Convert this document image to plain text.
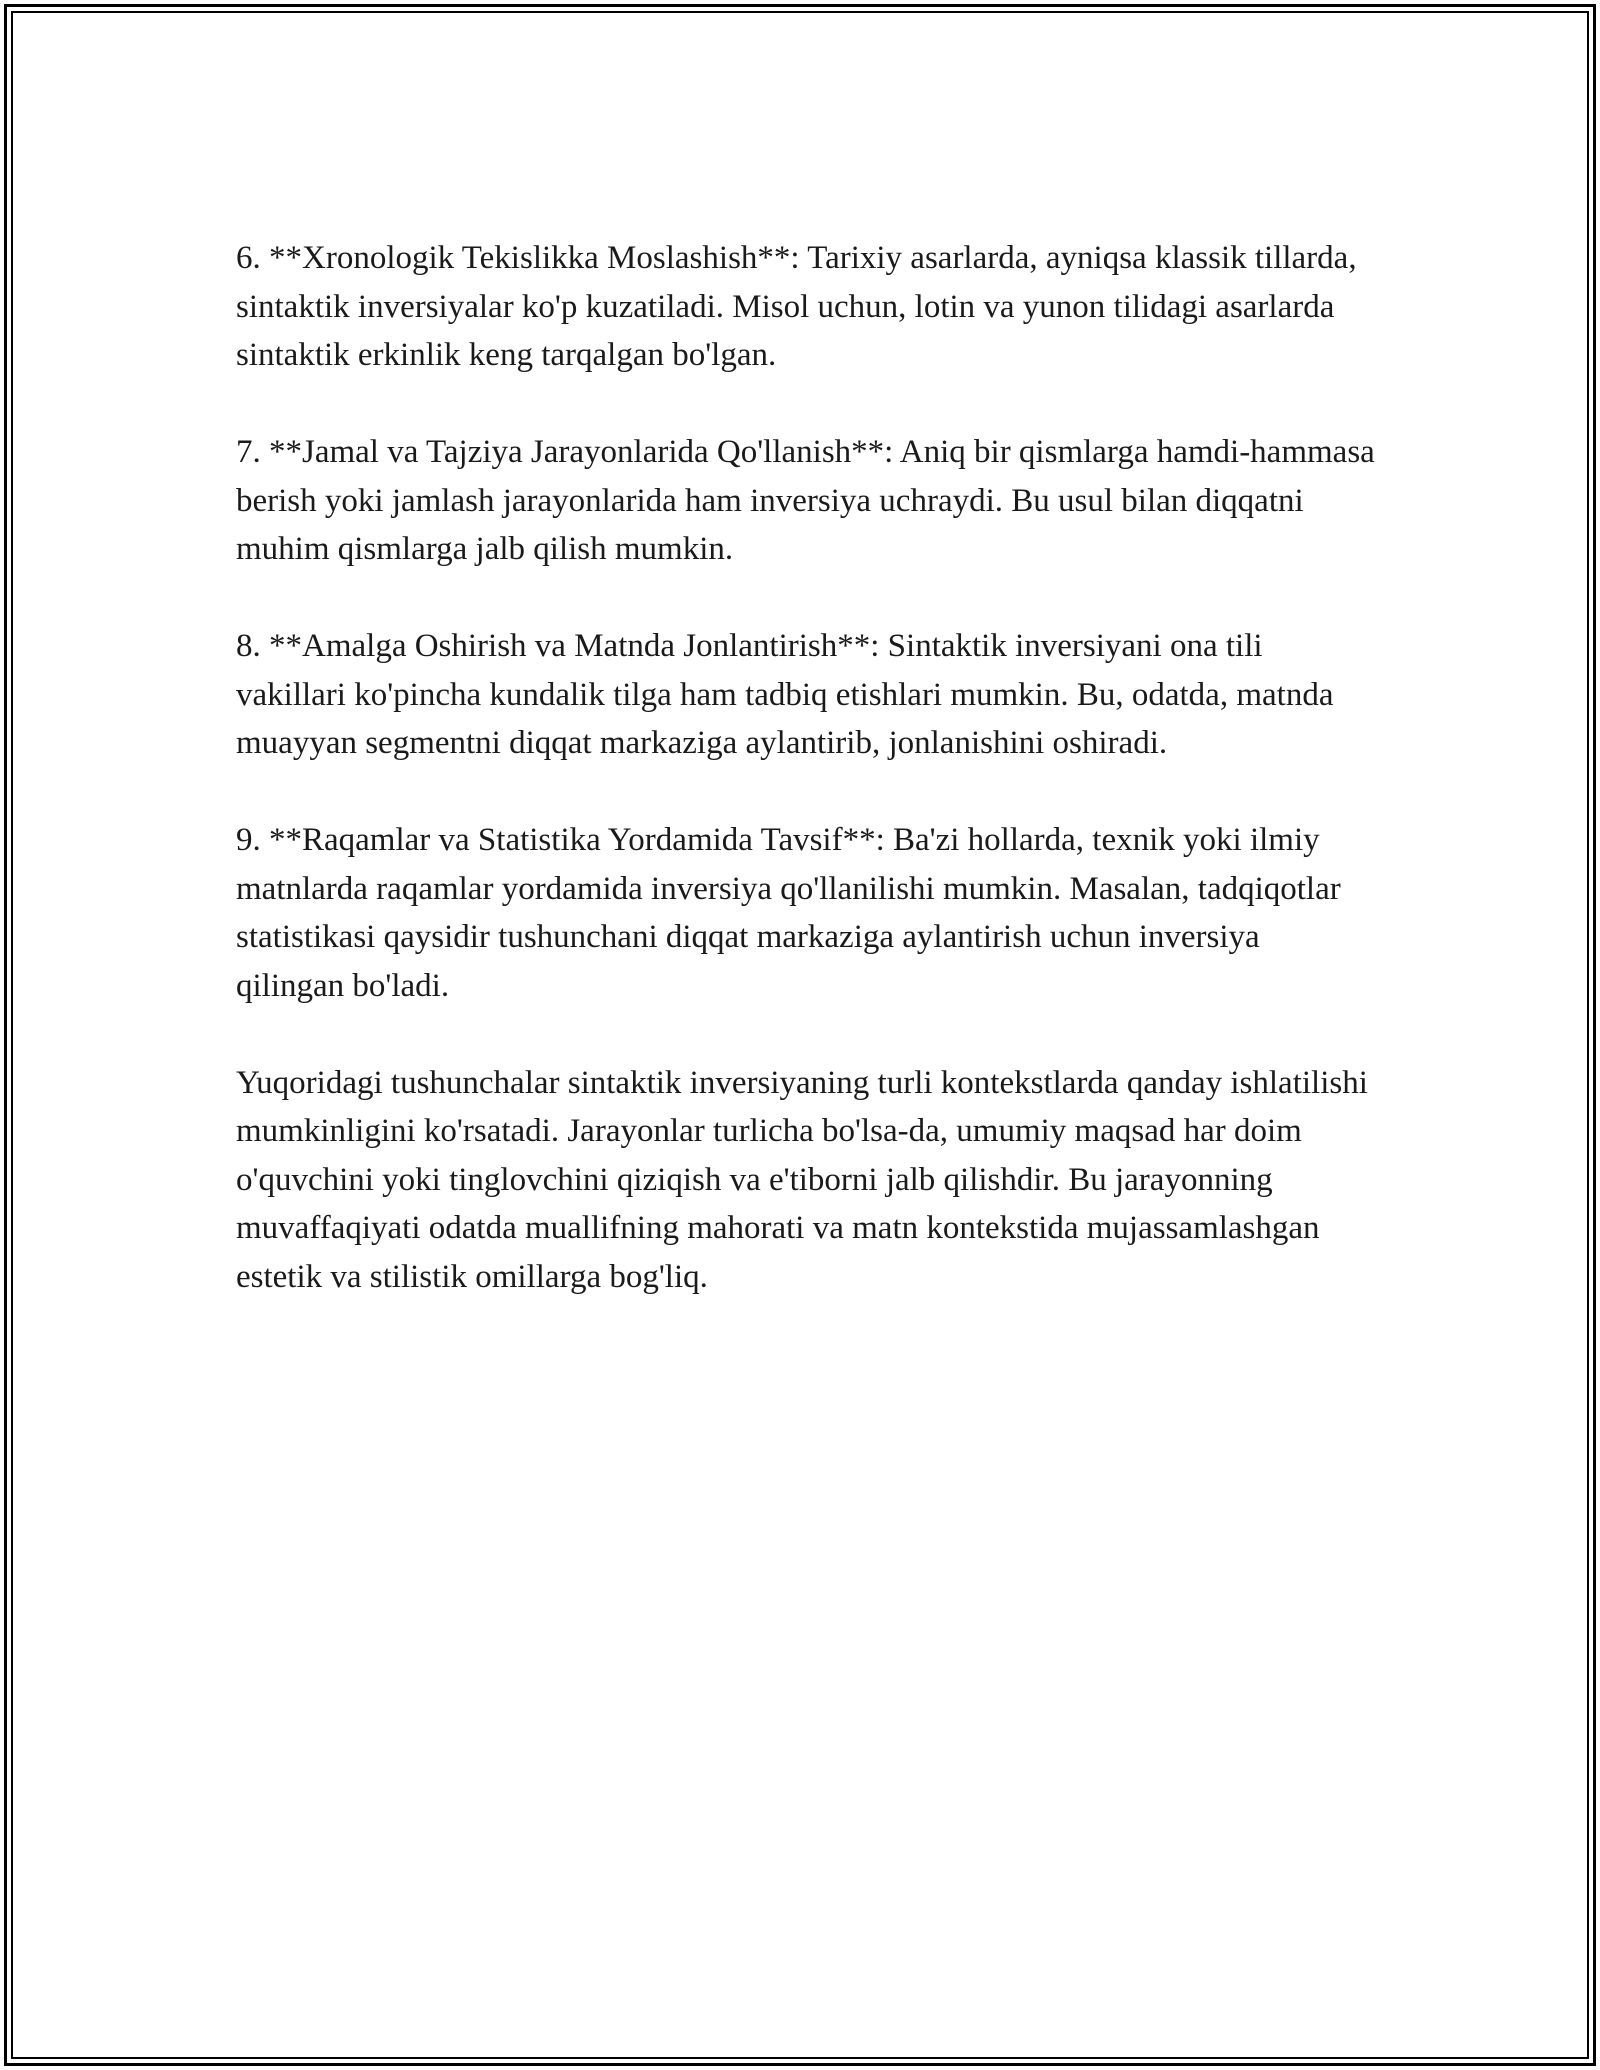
6. **Xronologik Tekislikka Moslashish**: Tarixiy asarlarda, ayniqsa klassik tillarda, sintaktik inversiyalar ko'p kuzatiladi. Misol uchun, lotin va yunon tilidagi asarlarda sintaktik erkinlik keng tarqalgan bo'lgan.

7. **Jamal va Tajziya Jarayonlarida Qo'llanish**: Aniq bir qismlarga hamdi-hammasa berish yoki jamlash jarayonlarida ham inversiya uchraydi. Bu usul bilan diqqatni muhim qismlarga jalb qilish mumkin.

8. **Amalga Oshirish va Matnda Jonlantirish**: Sintaktik inversiyani ona tili vakillari ko'pincha kundalik tilga ham tadbiq etishlari mumkin. Bu, odatda, matnda muayyan segmentni diqqat markaziga aylantirib, jonlanishini oshiradi.

9. **Raqamlar va Statistika Yordamida Tavsif**: Ba'zi hollarda, texnik yoki ilmiy matnlarda raqamlar yordamida inversiya qo'llanilishi mumkin. Masalan, tadqiqotlar statistikasi qaysidir tushunchani diqqat markaziga aylantirish uchun inversiya qilingan bo'ladi.

Yuqoridagi tushunchalar sintaktik inversiyaning turli kontekstlarda qanday ishlatilishi mumkinligini ko'rsatadi. Jarayonlar turlicha bo'lsa-da, umumiy maqsad har doim o'quvchini yoki tinglovchini qiziqish va e'tiborni jalb qilishdir. Bu jarayonning muvaffaqiyati odatda muallifning mahorati va matn kontekstida mujassamlashgan estetik va stilistik omillarga bog'liq.
